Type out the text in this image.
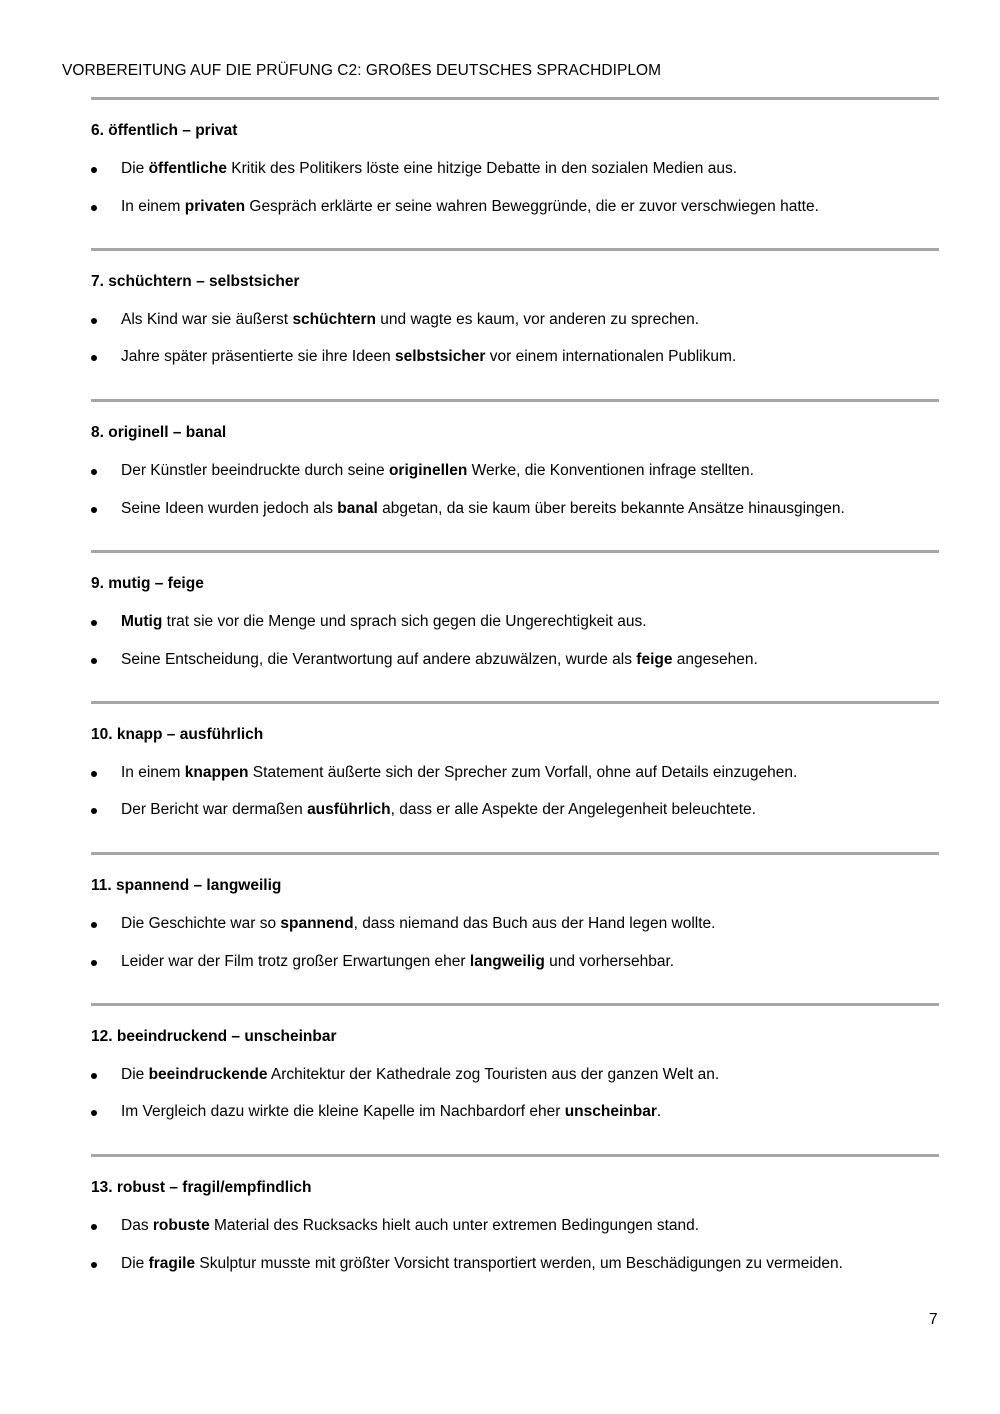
VORBEREITUNG AUF DIE PRÜFUNG C2: GROßES DEUTSCHES SPRACHDIPLOM
6. öffentlich – privat
Die öffentliche Kritik des Politikers löste eine hitzige Debatte in den sozialen Medien aus.
In einem privaten Gespräch erklärte er seine wahren Beweggründe, die er zuvor verschwiegen hatte.
7. schüchtern – selbstsicher
Als Kind war sie äußerst schüchtern und wagte es kaum, vor anderen zu sprechen.
Jahre später präsentierte sie ihre Ideen selbstsicher vor einem internationalen Publikum.
8. originell – banal
Der Künstler beeindruckte durch seine originellen Werke, die Konventionen infrage stellten.
Seine Ideen wurden jedoch als banal abgetan, da sie kaum über bereits bekannte Ansätze hinausgingen.
9. mutig – feige
Mutig trat sie vor die Menge und sprach sich gegen die Ungerechtigkeit aus.
Seine Entscheidung, die Verantwortung auf andere abzuwälzen, wurde als feige angesehen.
10. knapp – ausführlich
In einem knappen Statement äußerte sich der Sprecher zum Vorfall, ohne auf Details einzugehen.
Der Bericht war dermaßen ausführlich, dass er alle Aspekte der Angelegenheit beleuchtete.
11. spannend – langweilig
Die Geschichte war so spannend, dass niemand das Buch aus der Hand legen wollte.
Leider war der Film trotz großer Erwartungen eher langweilig und vorhersehbar.
12. beeindruckend – unscheinbar
Die beeindruckende Architektur der Kathedrale zog Touristen aus der ganzen Welt an.
Im Vergleich dazu wirkte die kleine Kapelle im Nachbardorf eher unscheinbar.
13. robust – fragil/empfindlich
Das robuste Material des Rucksacks hielt auch unter extremen Bedingungen stand.
Die fragile Skulptur musste mit größter Vorsicht transportiert werden, um Beschädigungen zu vermeiden.
7
